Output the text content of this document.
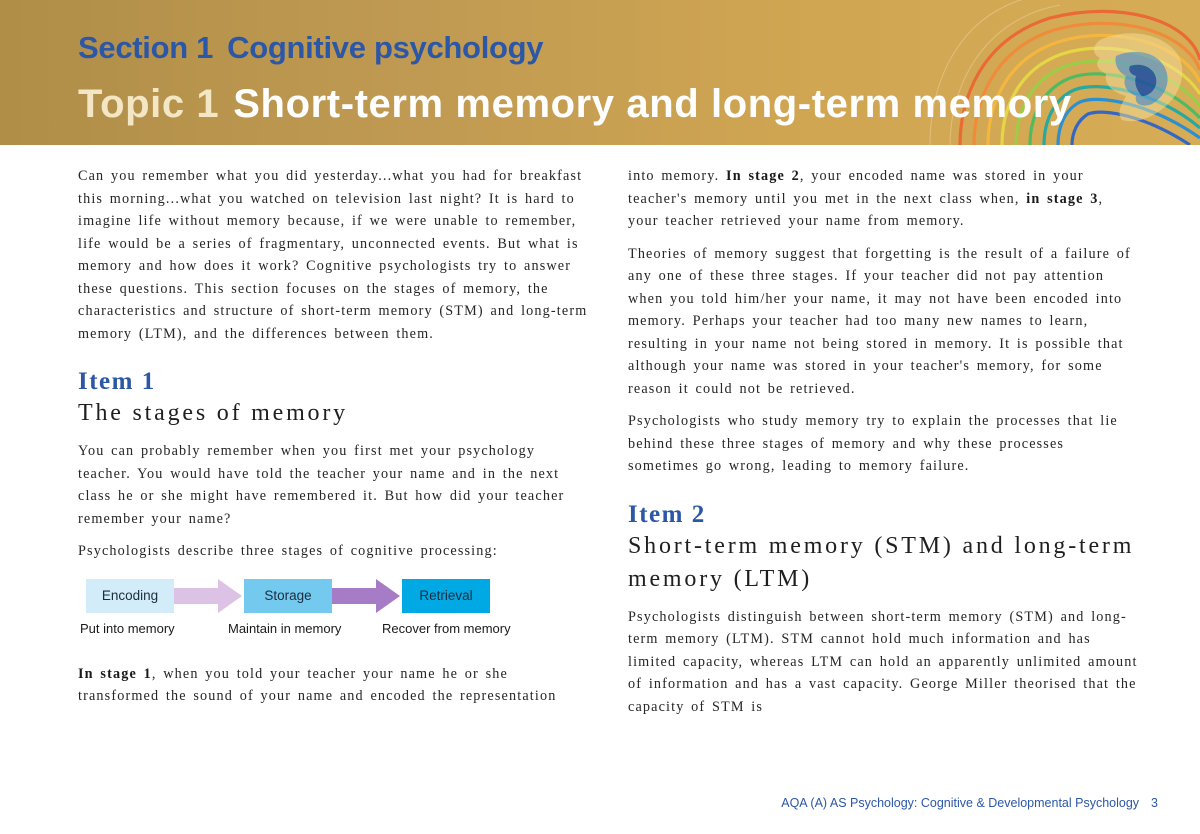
Section 1 Cognitive psychology
Topic 1 Short-term memory and long-term memory

Can you remember what you did yesterday...what you had for breakfast this morning...what you watched on television last night? It is hard to imagine life without memory because, if we were unable to remember, life would be a series of fragmentary, unconnected events. But what is memory and how does it work? Cognitive psychologists try to answer these questions. This section focuses on the stages of memory, the characteristics and structure of short-term memory (STM) and long-term memory (LTM), and the differences between them.

Item 1
The stages of memory

You can probably remember when you first met your psychology teacher. You would have told the teacher your name and in the next class he or she might have remembered it. But how did your teacher remember your name?

Psychologists describe three stages of cognitive processing:

Encoding	Storage	Retrieval
Put into memory	Maintain in memory	Recover from memory

In stage 1, when you told your teacher your name he or she transformed the sound of your name and encoded the representation

into memory. In stage 2, your encoded name was stored in your teacher's memory until you met in the next class when, in stage 3, your teacher retrieved your name from memory.

Theories of memory suggest that forgetting is the result of a failure of any one of these three stages. If your teacher did not pay attention when you told him/her your name, it may not have been encoded into memory. Perhaps your teacher had too many new names to learn, resulting in your name not being stored in memory. It is possible that although your name was stored in your teacher's memory, for some reason it could not be retrieved.

Psychologists who study memory try to explain the processes that lie behind these three stages of memory and why these processes sometimes go wrong, leading to memory failure.

Item 2
Short-term memory (STM) and long-term memory (LTM)

Psychologists distinguish between short-term memory (STM) and long-term memory (LTM). STM cannot hold much information and has limited capacity, whereas LTM can hold an apparently unlimited amount of information and has a vast capacity. George Miller theorised that the capacity of STM is

AQA (A) AS Psychology: Cognitive & Developmental Psychology 3
